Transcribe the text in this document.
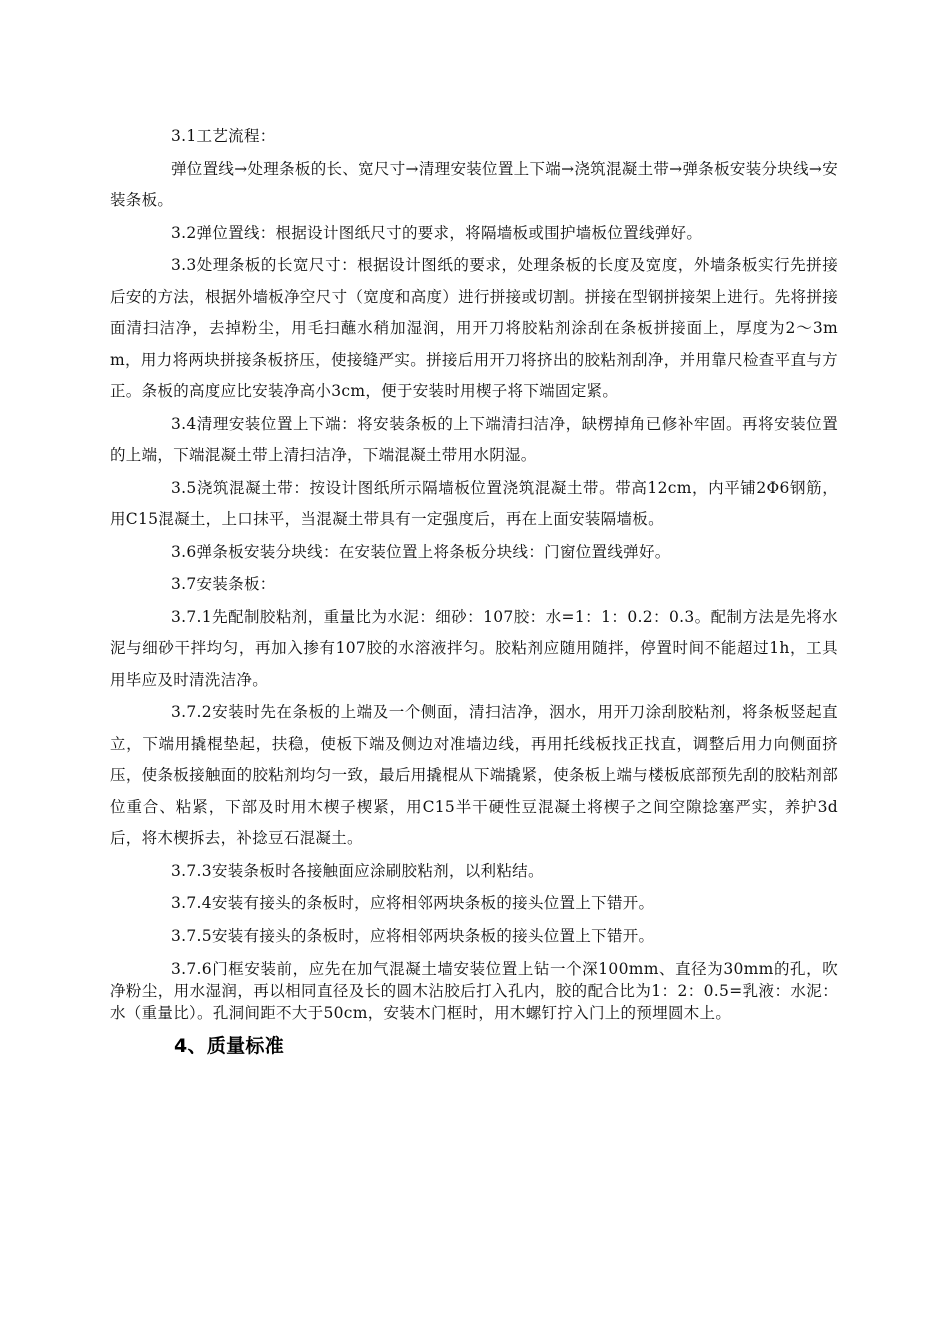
3.1工艺流程：

弹位置线→处理条板的长、宽尺寸→清理安装位置上下端→浇筑混凝土带→弹条板安装分块线→安装条板。

3.2弹位置线：根据设计图纸尺寸的要求，将隔墙板或围护墙板位置线弹好。

3.3处理条板的长宽尺寸：根据设计图纸的要求，处理条板的长度及宽度，外墙条板实行先拼接后安的方法，根据外墙板净空尺寸（宽度和高度）进行拼接或切割。拼接在型钢拼接架上进行。先将拼接面清扫洁净，去掉粉尘，用毛扫蘸水稍加湿润，用开刀将胶粘剂涂刮在条板拼接面上，厚度为2～3mm，用力将两块拼接条板挤压，使接缝严实。拼接后用开刀将挤出的胶粘剂刮净，并用靠尺检查平直与方正。条板的高度应比安装净高小3cm，便于安装时用楔子将下端固定紧。

3.4清理安装位置上下端：将安装条板的上下端清扫洁净，缺楞掉角已修补牢固。再将安装位置的上端，下端混凝土带上清扫洁净，下端混凝土带用水阴湿。

3.5浇筑混凝土带：按设计图纸所示隔墙板位置浇筑混凝土带。带高12cm，内平铺2Φ6钢筋，用C15混凝土，上口抹平，当混凝土带具有一定强度后，再在上面安装隔墙板。

3.6弹条板安装分块线：在安装位置上将条板分块线：门窗位置线弹好。

3.7安装条板：

3.7.1先配制胶粘剂，重量比为水泥：细砂：107胶：水=1：1：0.2：0.3。配制方法是先将水泥与细砂干拌均匀，再加入掺有107胶的水溶液拌匀。胶粘剂应随用随拌，停置时间不能超过1h，工具用毕应及时清洗洁净。

3.7.2安装时先在条板的上端及一个侧面，清扫洁净，洇水，用开刀涂刮胶粘剂，将条板竖起直立，下端用撬棍垫起，扶稳，使板下端及侧边对准墙边线，再用托线板找正找直，调整后用力向侧面挤压，使条板接触面的胶粘剂均匀一致，最后用撬棍从下端撬紧，使条板上端与楼板底部预先刮的胶粘剂部位重合、粘紧，下部及时用木楔子楔紧，用C15半干硬性豆混凝土将楔子之间空隙捻塞严实，养护3d后，将木楔拆去，补捻豆石混凝土。

3.7.3安装条板时各接触面应涂刷胶粘剂，以利粘结。

3.7.4安装有接头的条板时，应将相邻两块条板的接头位置上下错开。

3.7.5安装有接头的条板时，应将相邻两块条板的接头位置上下错开。

3.7.6门框安装前，应先在加气混凝土墙安装位置上钻一个深100mm、直径为30mm的孔，吹净粉尘，用水湿润，再以相同直径及长的圆木沾胶后打入孔内，胶的配合比为1：2：0.5=乳液：水泥：水（重量比）。孔洞间距不大于50cm，安装木门框时，用木螺钉拧入门上的预埋圆木上。

4、质量标准
